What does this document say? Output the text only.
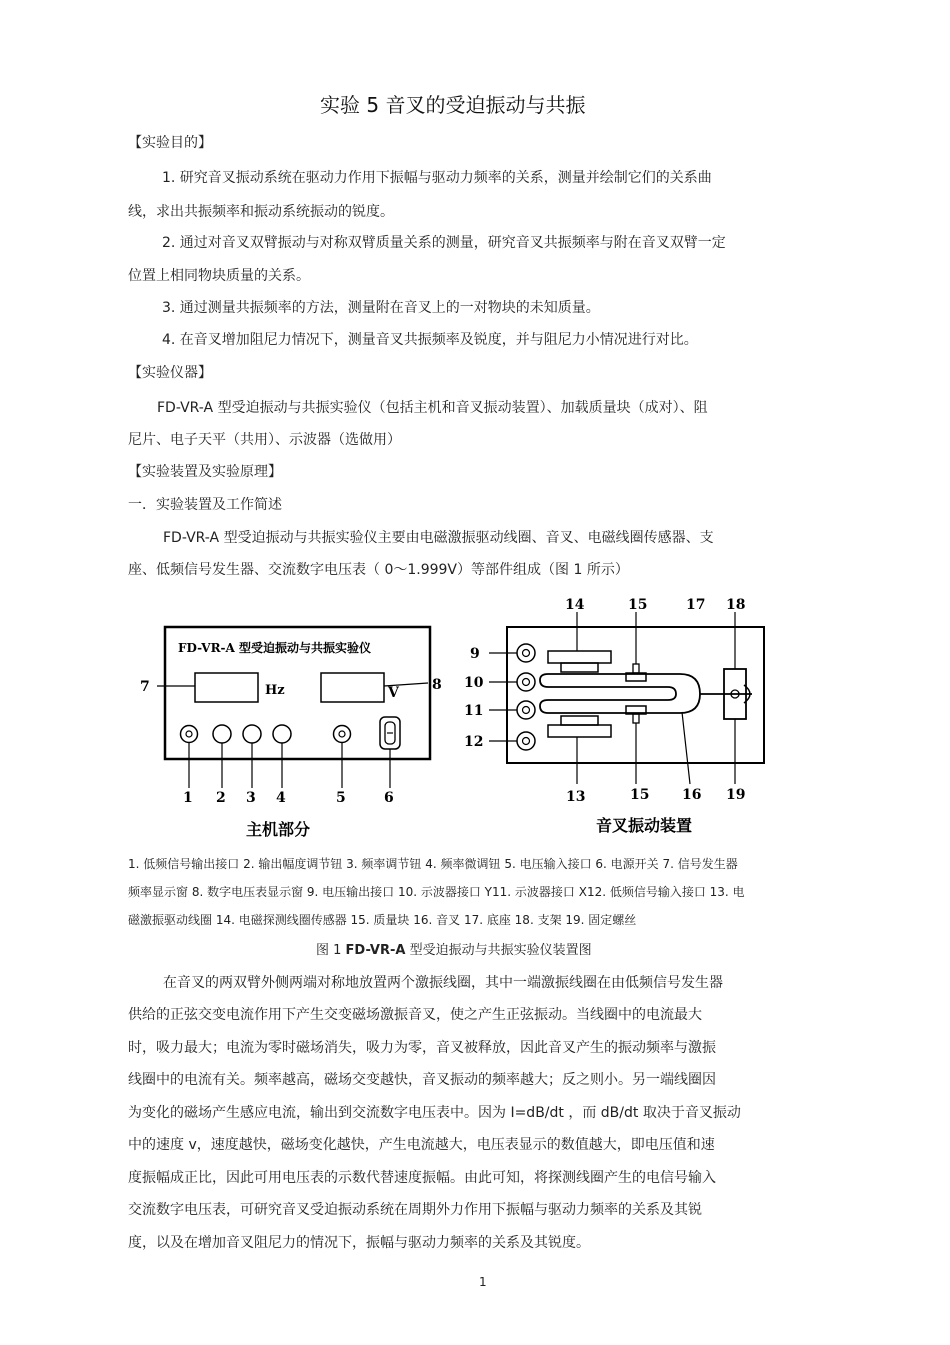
实验 5 音叉的受迫振动与共振
【实验目的】
1. 研究音叉振动系统在驱动力作用下振幅与驱动力频率的关系，测量并绘制它们的关系曲
线，求出共振频率和振动系统振动的锐度。
2. 通过对音叉双臂振动与对称双臂质量关系的测量，研究音叉共振频率与附在音叉双臂一定
位置上相同物块质量的关系。
3. 通过测量共振频率的方法，测量附在音叉上的一对物块的未知质量。
4. 在音叉增加阻尼力情况下，测量音叉共振频率及锐度，并与阻尼力小情况进行对比。
【实验仪器】
FD-VR-A 型受迫振动与共振实验仪（包括主机和音叉振动装置）、加载质量块（成对）、阻
尼片、电子天平（共用）、示波器（选做用）
【实验装置及实验原理】
一．实验装置及工作简述
FD-VR-A 型受迫振动与共振实验仪主要由电磁激振驱动线圈、音叉、电磁线圈传感器、支
座、低频信号发生器、交流数字电压表（ 0～1.999V）等部件组成（图 1 所示）
FD-VR-A 型受迫振动与共振实验仪
Hz	V
7	8
1 2 3 4	5	6
9
10
11
12
14	15	17 18
13	15 16 19
主机部分	音叉振动装置
1. 低频信号输出接口 2. 输出幅度调节钮 3. 频率调节钮 4. 频率微调钮 5. 电压输入接口 6. 电源开关 7. 信号发生器
频率显示窗 8. 数字电压表显示窗 9. 电压输出接口 10. 示波器接口 Y11. 示波器接口 X12. 低频信号输入接口 13. 电
磁激振驱动线圈 14. 电磁探测线圈传感器 15. 质量块 16. 音叉 17. 底座 18. 支架 19. 固定螺丝
图 1 FD-VR-A 型受迫振动与共振实验仪装置图
在音叉的两双臂外侧两端对称地放置两个激振线圈，其中一端激振线圈在由低频信号发生器
供给的正弦交变电流作用下产生交变磁场激振音叉，使之产生正弦振动。当线圈中的电流最大
时，吸力最大；电流为零时磁场消失，吸力为零，音叉被释放，因此音叉产生的振动频率与激振
线圈中的电流有关。频率越高，磁场交变越快，音叉振动的频率越大；反之则小。另一端线圈因
为变化的磁场产生感应电流，输出到交流数字电压表中。因为 I=dB/dt ，而 dB/dt 取决于音叉振动
中的速度 v，速度越快，磁场变化越快，产生电流越大，电压表显示的数值越大，即电压值和速
度振幅成正比，因此可用电压表的示数代替速度振幅。由此可知，将探测线圈产生的电信号输入
交流数字电压表，可研究音叉受迫振动系统在周期外力作用下振幅与驱动力频率的关系及其锐
度，以及在增加音叉阻尼力的情况下，振幅与驱动力频率的关系及其锐度。
1
